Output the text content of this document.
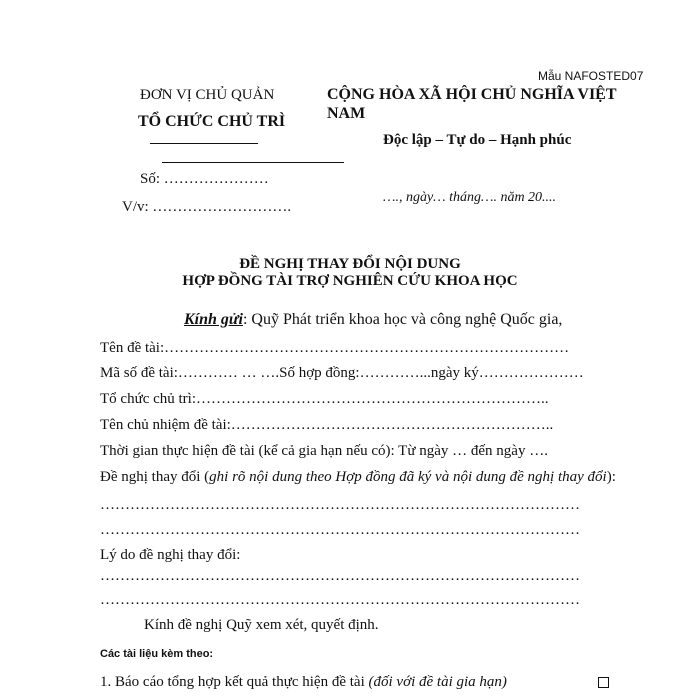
Mẫu NAFOSTED07
ĐƠN VỊ CHỦ QUẢN
TỔ CHỨC CHỦ TRÌ
Số: …………………
V/v: ……………………….
CỘNG HÒA XÃ HỘI CHỦ NGHĨA VIỆT
NAM
Độc lập – Tự do – Hạnh phúc
…., ngày… tháng…. năm 20....
ĐỀ NGHỊ THAY ĐỔI NỘI DUNG
HỢP ĐỒNG TÀI TRỢ NGHIÊN CỨU KHOA HỌC
Kính gửi: Quỹ Phát triển khoa học và công nghệ Quốc gia,
Tên đề tài:………………………………………………………………………
Mã số đề tài:………… … ….Số hợp đồng:…………...ngày ký…………………
Tổ chức chủ trì:……………………………………………………………..
Tên chủ nhiệm đề tài:………………………………………………………..
Thời gian thực hiện đề tài (kể cả gia hạn nếu có): Từ ngày … đến ngày ….
Đề nghị thay đổi (ghi rõ nội dung theo Hợp đồng đã ký và nội dung đề nghị thay đổi):
……………………………………………………………………………………
……………………………………………………………………………………
Lý do đề nghị thay đổi:
……………………………………………………………………………………
……………………………………………………………………………………
Kính đề nghị Quỹ xem xét, quyết định.
Các tài liệu kèm theo:
1. Báo cáo tổng hợp kết quả thực hiện đề tài (đối với đề tài gia hạn)
